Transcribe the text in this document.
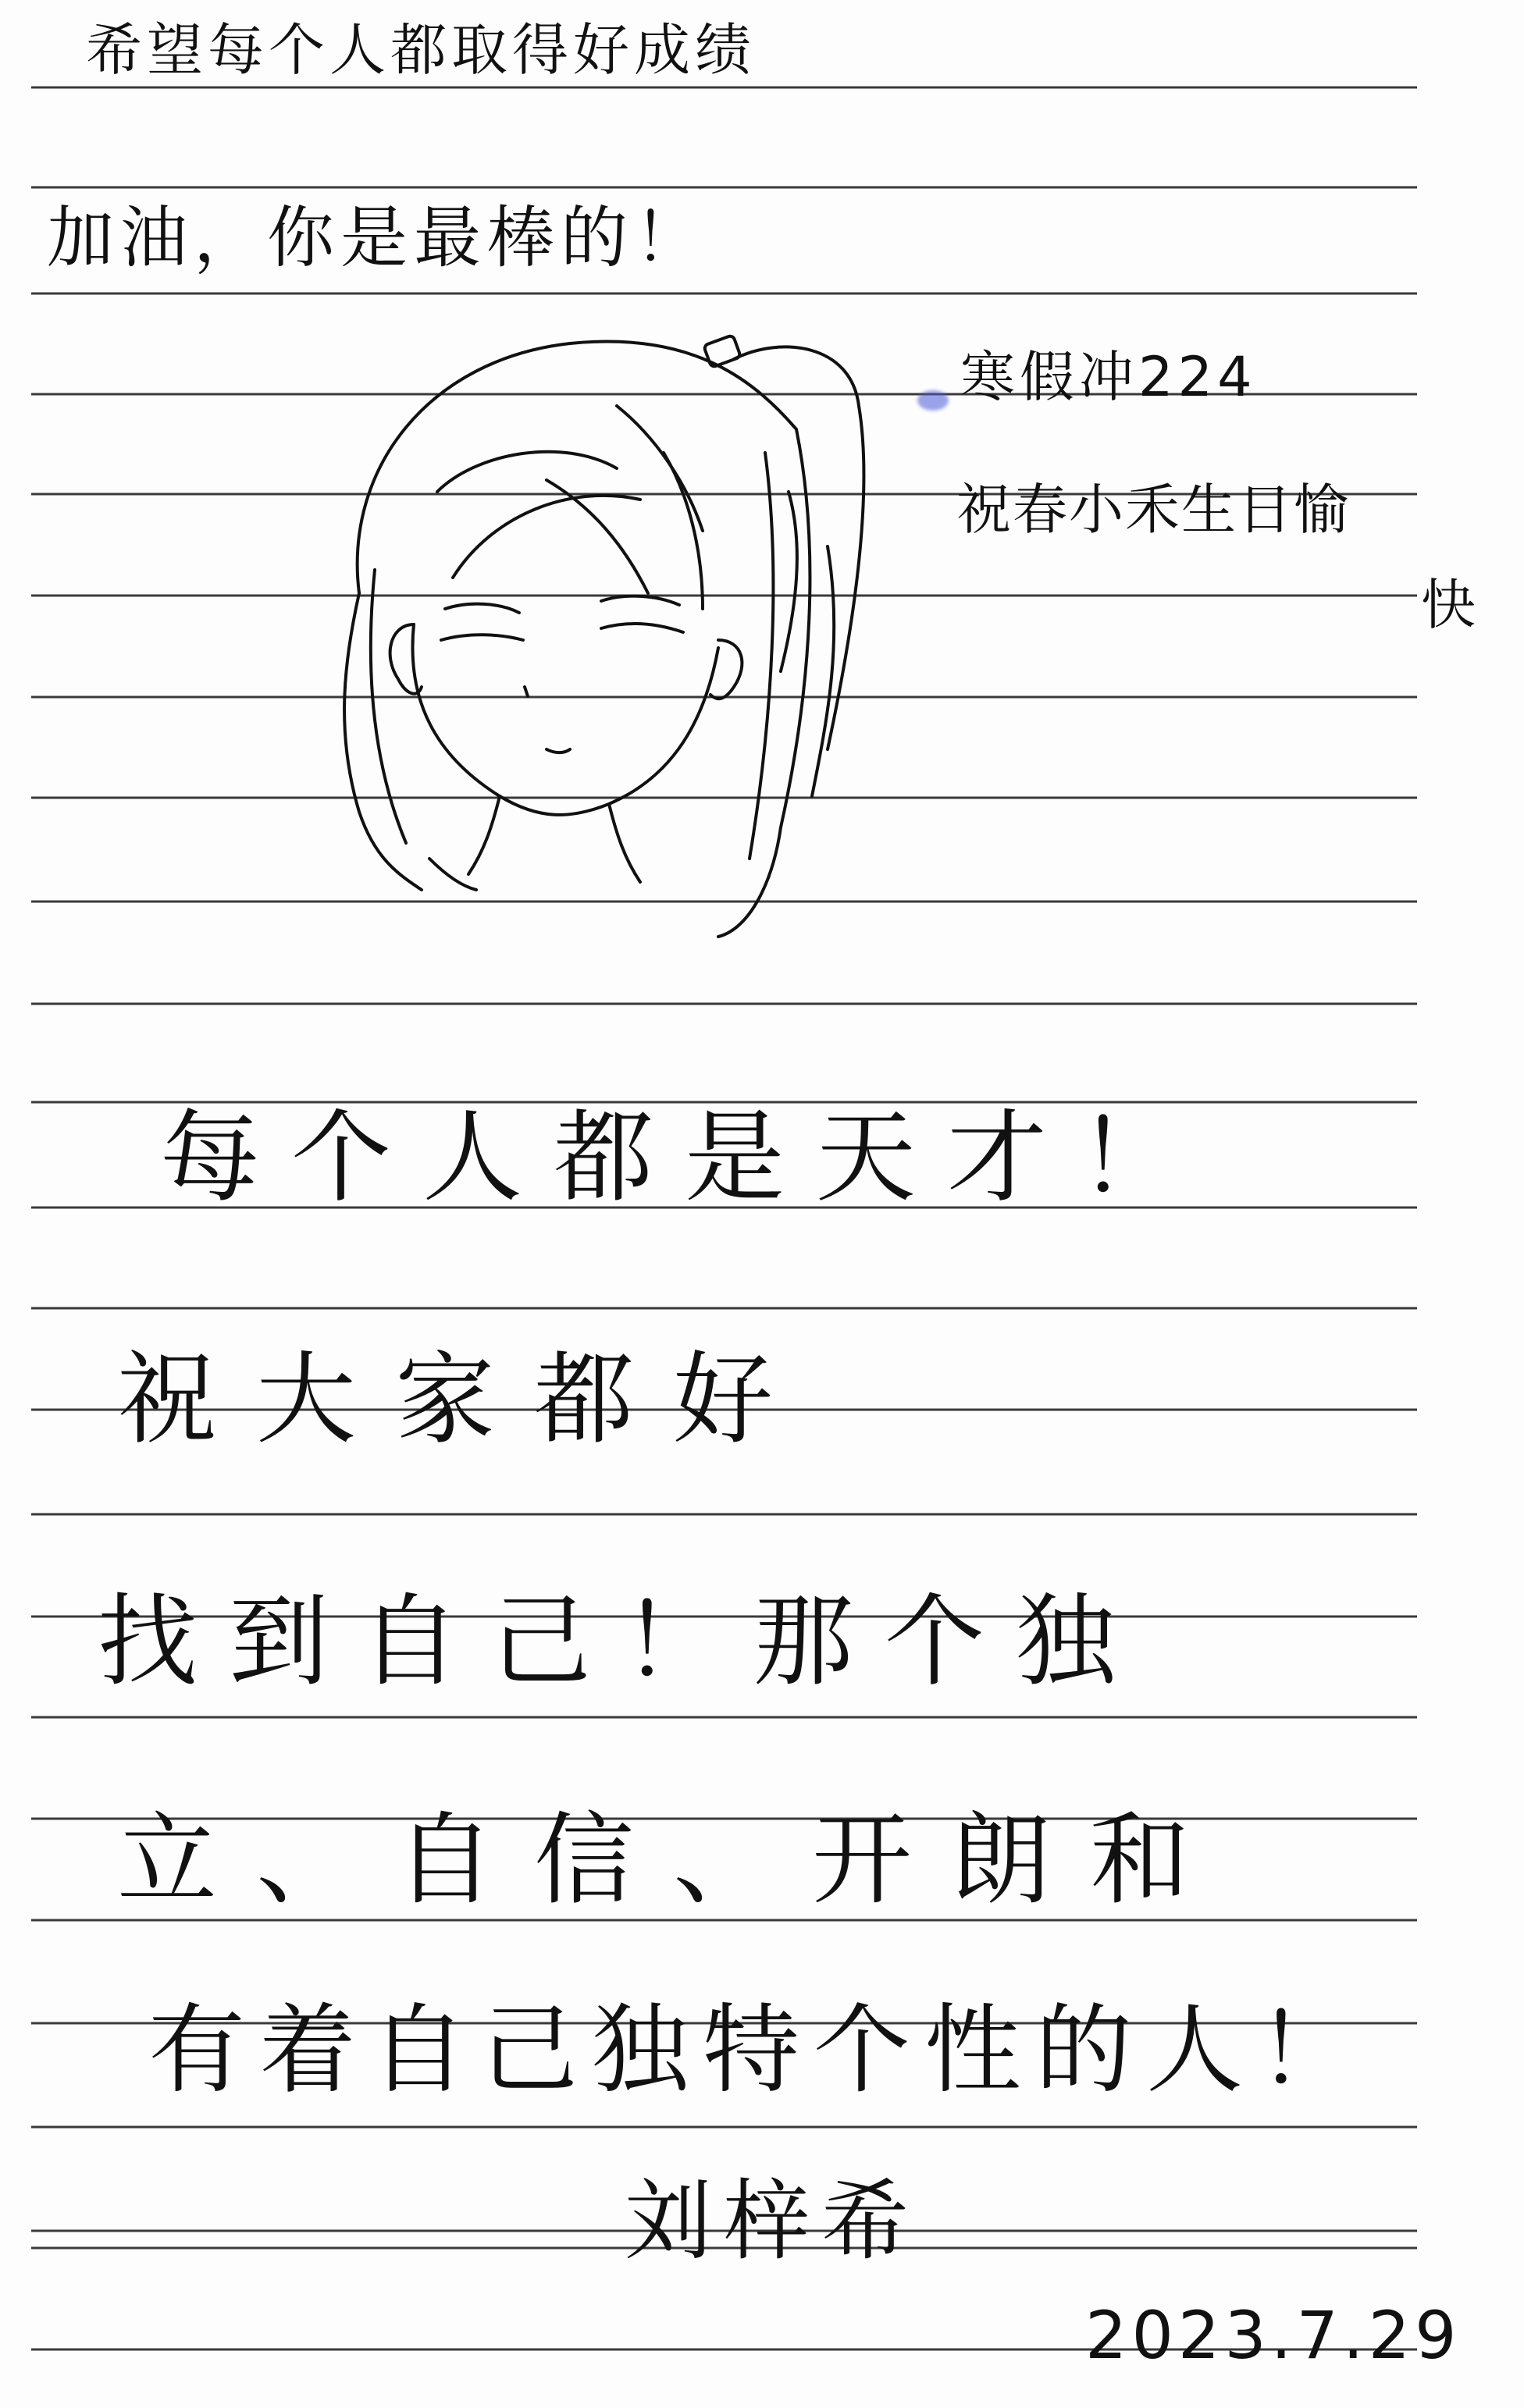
希望每个人都取得好成绩
加油，你是最棒的！
寒假冲224
祝春小禾生日愉
快
每个人都是天才！
祝大家都好
找到自己！那个独
立、自信、开朗和
有着自己独特个性的人！
刘梓希
2023.7.29
